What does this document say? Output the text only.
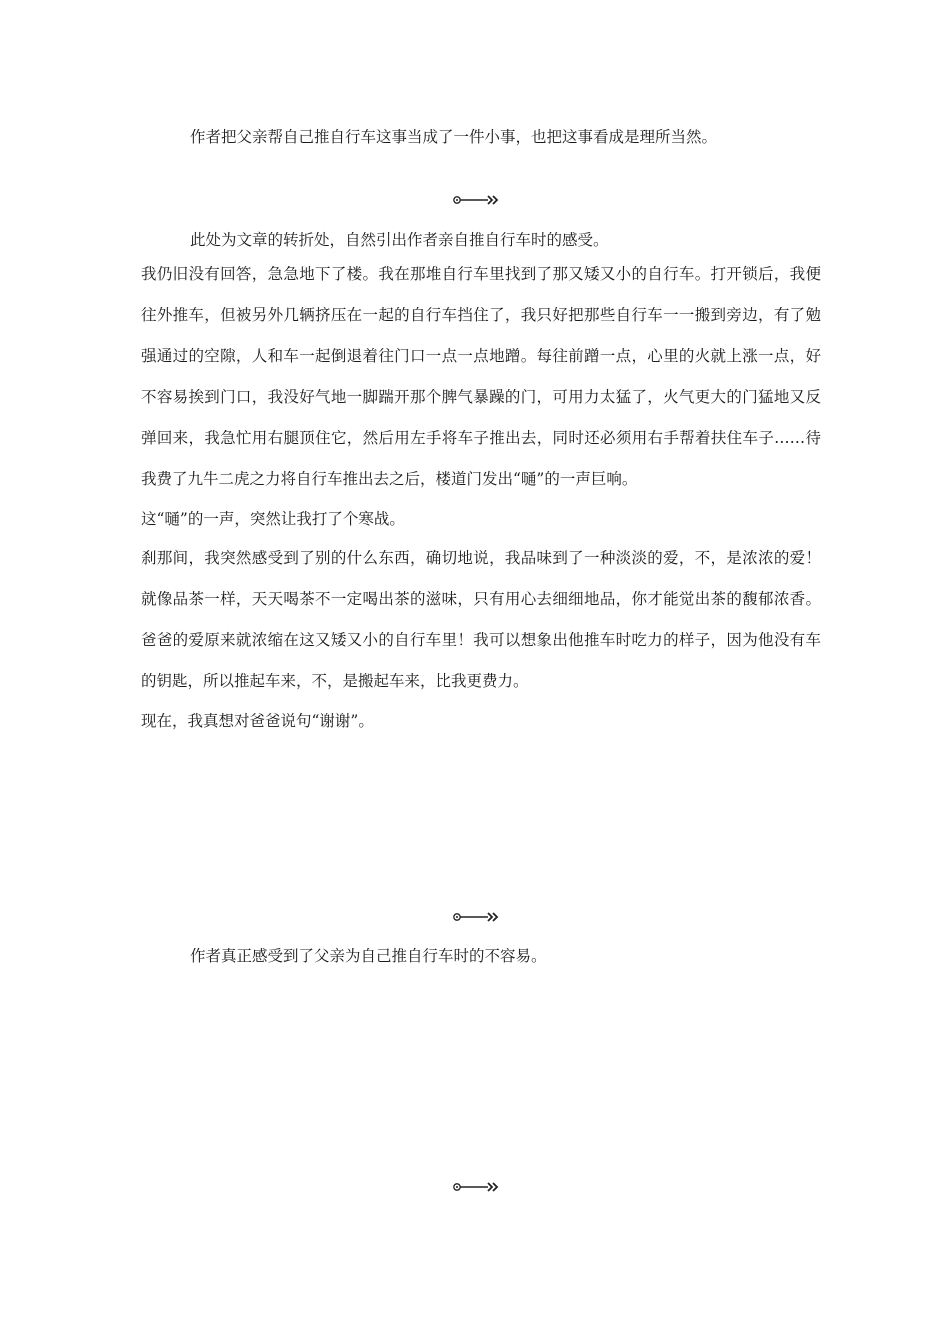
作者把父亲帮自己推自行车这事当成了一件小事，也把这事看成是理所当然。
此处为文章的转折处，自然引出作者亲自推自行车时的感受。

我仍旧没有回答，急急地下了楼。我在那堆自行车里找到了那又矮又小的自行车。打开锁后，我便往外推车，但被另外几辆挤压在一起的自行车挡住了，我只好把那些自行车一一搬到旁边，有了勉强通过的空隙，人和车一起倒退着往门口一点一点地蹭。每往前蹭一点，心里的火就上涨一点，好不容易挨到门口，我没好气地一脚踹开那个脾气暴躁的门，可用力太猛了，火气更大的门猛地又反弹回来，我急忙用右腿顶住它，然后用左手将车子推出去，同时还必须用右手帮着扶住车子……待我费了九牛二虎之力将自行车推出去之后，楼道门发出“嗵”的一声巨响。

这“嗵”的一声，突然让我打了个寒战。

刹那间，我突然感受到了别的什么东西，确切地说，我品味到了一种淡淡的爱，不，是浓浓的爱！就像品茶一样，天天喝茶不一定喝出茶的滋味，只有用心去细细地品，你才能觉出茶的馥郁浓香。爸爸的爱原来就浓缩在这又矮又小的自行车里！我可以想象出他推车时吃力的样子，因为他没有车的钥匙，所以推起车来，不，是搬起车来，比我更费力。

现在，我真想对爸爸说句“谢谢”。

作者真正感受到了父亲为自己推自行车时的不容易。
